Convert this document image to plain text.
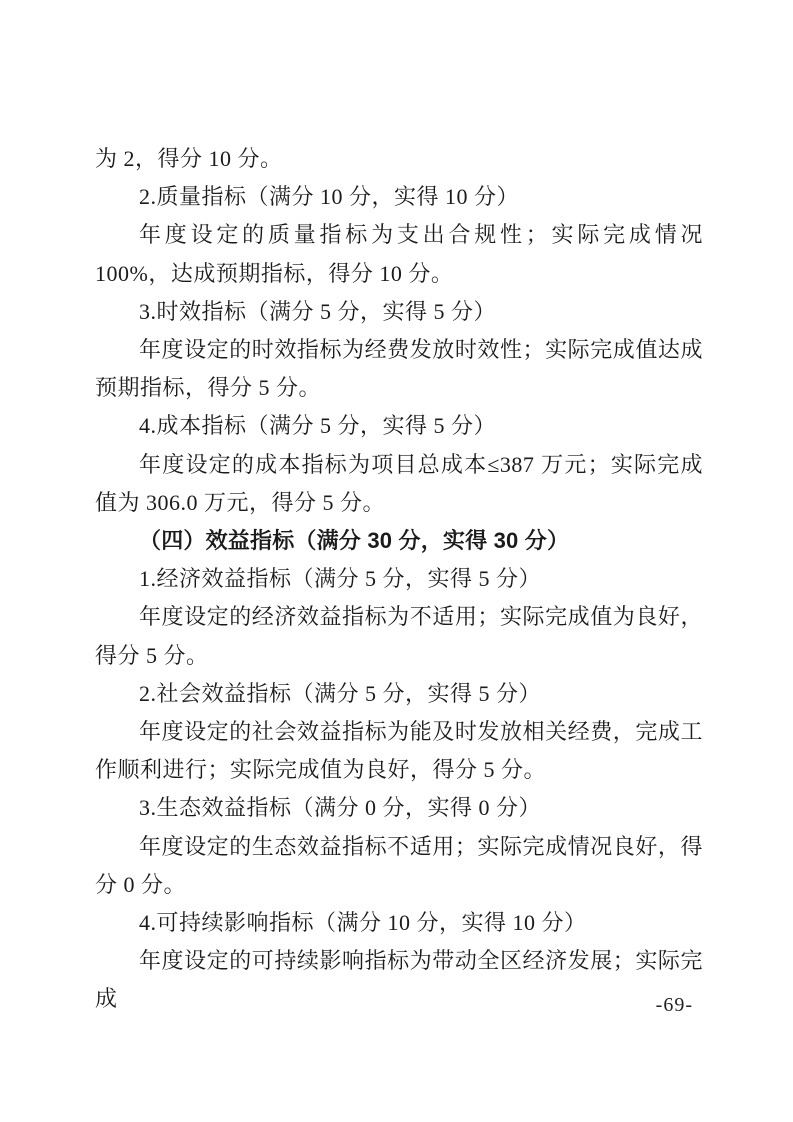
为 2，得分 10 分。

2.质量指标（满分 10 分，实得 10 分）

年度设定的质量指标为支出合规性；实际完成情况 100%，达成预期指标，得分 10 分。

3.时效指标（满分 5 分，实得 5 分）

年度设定的时效指标为经费发放时效性；实际完成值达成预期指标，得分 5 分。

4.成本指标（满分 5 分，实得 5 分）

年度设定的成本指标为项目总成本≤387 万元；实际完成值为 306.0 万元，得分 5 分。

（四）效益指标（满分 30 分，实得 30 分）

1.经济效益指标（满分 5 分，实得 5 分）

年度设定的经济效益指标为不适用；实际完成值为良好，得分 5 分。

2.社会效益指标（满分 5 分，实得 5 分）

年度设定的社会效益指标为能及时发放相关经费，完成工作顺利进行；实际完成值为良好，得分 5 分。

3.生态效益指标（满分 0 分，实得 0 分）

年度设定的生态效益指标不适用；实际完成情况良好，得分 0 分。

4.可持续影响指标（满分 10 分，实得 10 分）

年度设定的可持续影响指标为带动全区经济发展；实际完成	-69-
